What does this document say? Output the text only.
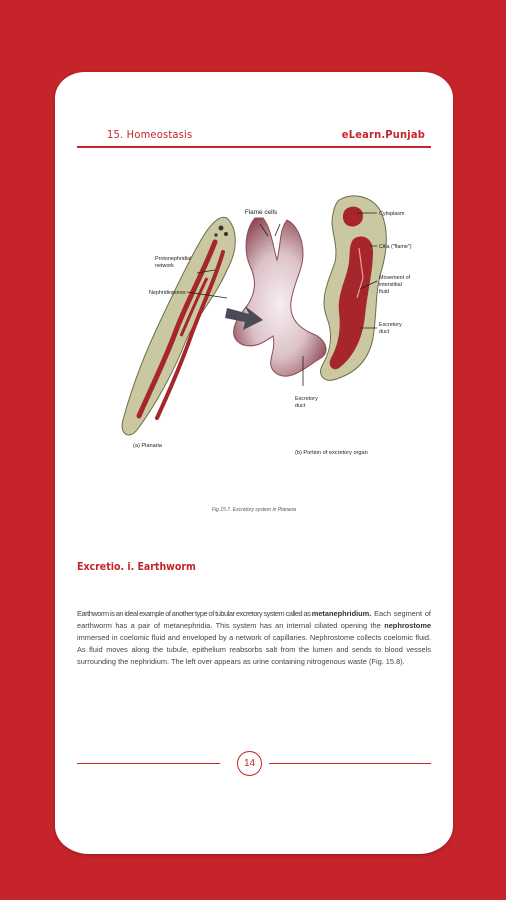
15. Homeostasis	eLearn.Punjab
Flame cells
Protonephridial network
Nephridiopores
Cytoplasm
Cilia ("flame")
Movement of interstitial fluid
Excretory duct
Excretory duct
(a) Planaria
(b) Portion of excretory organ
Fig.15.7. Excretory system in Planaria
Excretio. i. Earthworm
Earthworm is an ideal example of another type of tubular excretory system called as metanephridium. Each segment of earthworm has a pair of metanephridia. This system has an internal ciliated opening the nephrostome immersed in coelomic fluid and enveloped by a network of capillaries. Nephrostome collects coelomic fluid. As fluid moves along the tubule, epithelium reabsorbs salt from the lumen and sends to blood vessels surrounding the nephridium. The left over appears as urine containing nitrogenous waste (Fig. 15.8).
14
